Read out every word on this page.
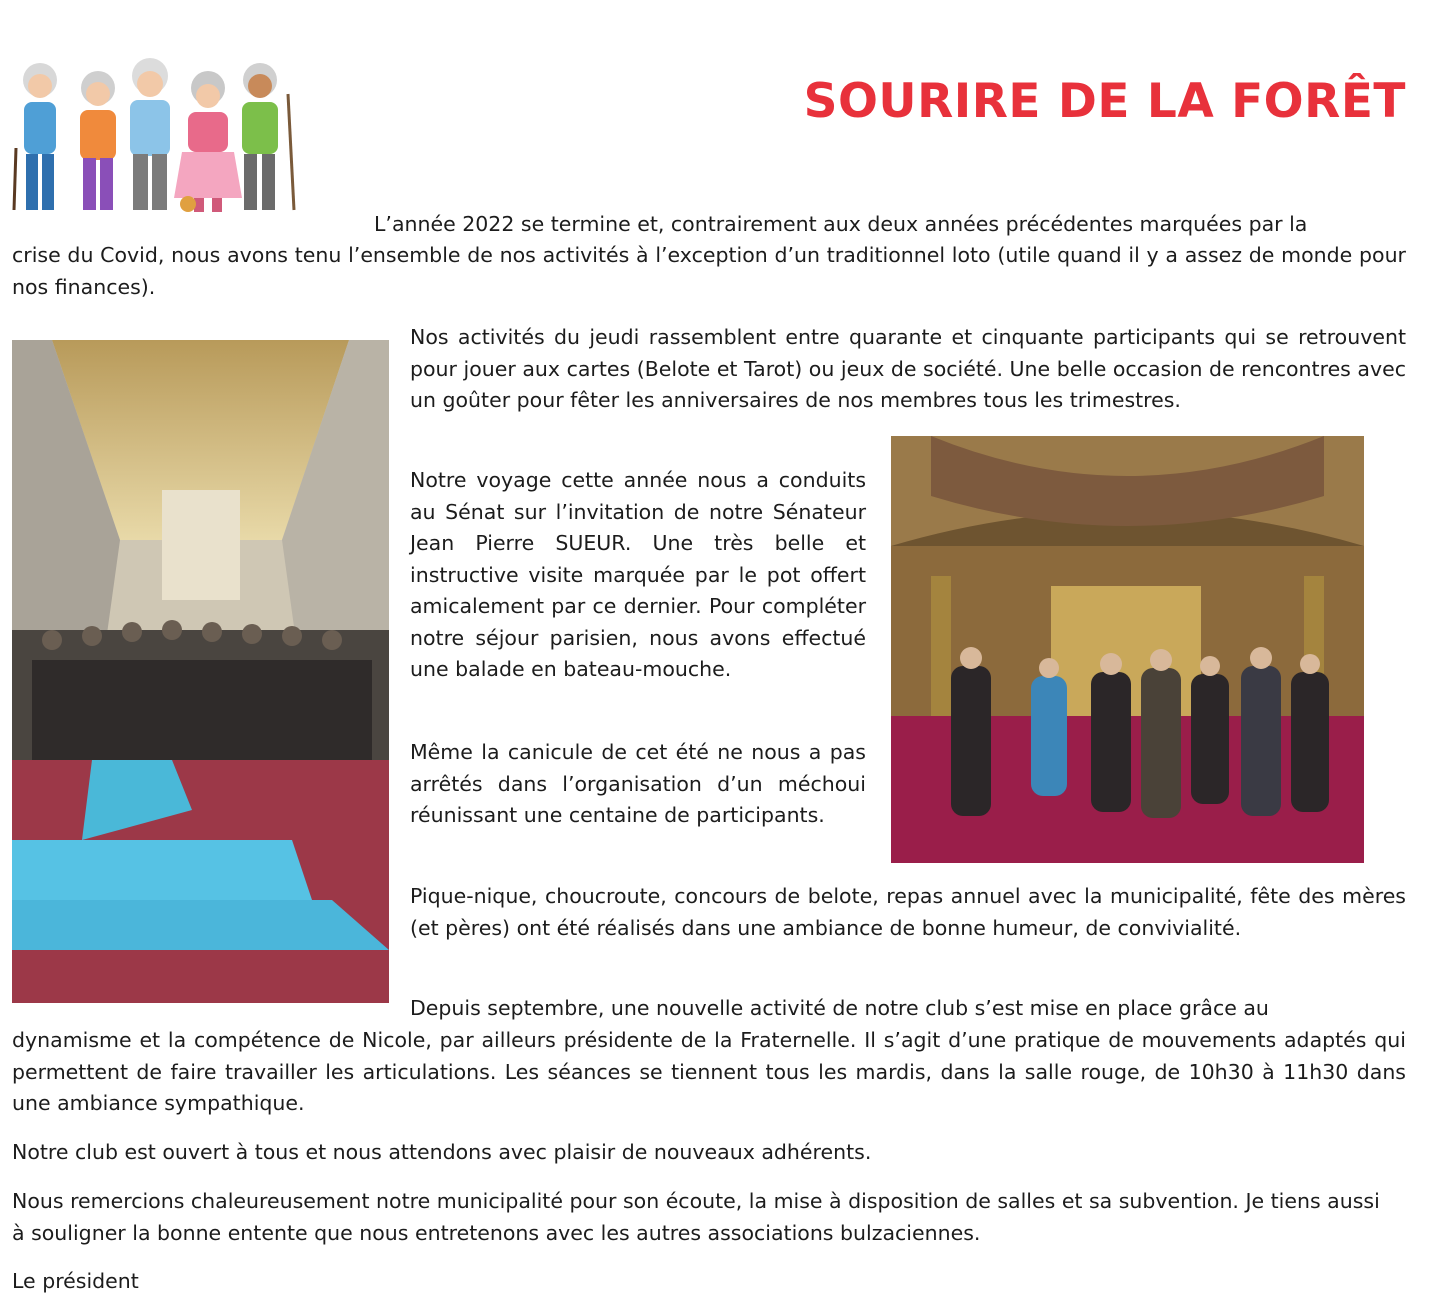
SOURIRE DE LA FORÊT

L’année 2022 se termine et, contrairement aux deux années précédentes marquées par la

crise du Covid, nous avons tenu l’ensemble de nos activités à l’exception d’un traditionnel loto (utile quand il y a assez de monde pour nos finances).

Nos activités du jeudi rassemblent entre quarante et cinquante participants qui se retrouvent pour jouer aux cartes (Belote et Tarot) ou jeux de société. Une belle occasion de rencontres avec un goûter pour fêter les anniversaires de nos membres tous les trimestres.

Notre voyage cette année nous a conduits au Sénat sur l’invitation de notre Sénateur Jean Pierre SUEUR. Une très belle et instructive visite marquée par le pot offert amicalement par ce dernier. Pour compléter notre séjour parisien, nous avons effectué une balade en bateau-mouche.

Même la canicule de cet été ne nous a pas arrêtés dans l’organisation d’un méchoui réunissant une centaine de participants.

Pique-nique, choucroute, concours de belote, repas annuel avec la municipalité, fête des mères (et pères) ont été réalisés dans une ambiance de bonne humeur, de convivialité.

Depuis septembre, une nouvelle activité de notre club s’est mise en place grâce au

dynamisme et la compétence de Nicole, par ailleurs présidente de la Fraternelle. Il s’agit d’une pratique de mouvements adaptés qui permettent de faire travailler les articulations. Les séances se tiennent tous les mardis, dans la salle rouge, de 10h30 à 11h30 dans une ambiance sympathique.

Notre club est ouvert à tous et nous attendons avec plaisir de nouveaux adhérents.

Nous remercions chaleureusement notre municipalité pour son écoute, la mise à disposition de salles et sa subvention. Je tiens aussi à souligner la bonne entente que nous entretenons avec les autres associations bulzaciennes.

Le président
